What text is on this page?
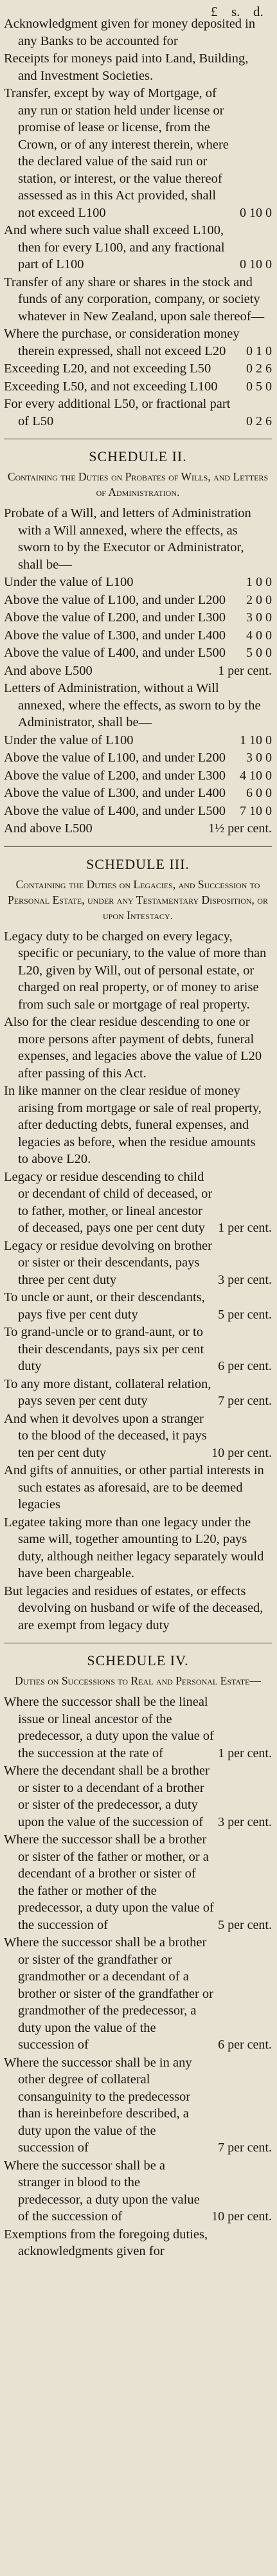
£ s. d.
Acknowledgment given for money deposited in any Banks to be accounted for
Receipts for moneys paid into Land, Building, and Investment Societies.
Transfer, except by way of Mortgage, of any run or station held under license or promise of lease or license, from the Crown, or of any interest therein, where the declared value of the said run or station, or interest, or the value thereof assessed as in this Act provided, shall not exceed L100	0 10 0
And where such value shall exceed L100, then for every L100, and any fractional part of L100	0 10 0
Transfer of any share or shares in the stock and funds of any corporation, company, or society whatever in New Zealand, upon sale thereof—
Where the purchase, or consideration money therein expressed, shall not exceed L20	0 1 0
Exceeding L20, and not exceeding L50	0 2 6
Exceeding L50, and not exceeding L100	0 5 0
For every additional L50, or fractional part of L50	0 2 6
SCHEDULE II.
Containing the Duties on Probates of Wills, and Letters of Administration.
Probate of a Will, and letters of Administration with a Will annexed, where the effects, as sworn to by the Executor or Administrator, shall be—
Under the value of L100	1 0 0
Above the value of L100, and under L200	2 0 0
Above the value of L200, and under L300	3 0 0
Above the value of L300, and under L400	4 0 0
Above the value of L400, and under L500	5 0 0
And above L500	1 per cent.
Letters of Administration, without a Will annexed, where the effects, as sworn to by the Administrator, shall be—
Under the value of L100	1 10 0
Above the value of L100, and under L200	3 0 0
Above the value of L200, and under L300	4 10 0
Above the value of L300, and under L400	6 0 0
Above the value of L400, and under L500	7 10 0
And above L500	1½ per cent.
SCHEDULE III.
Containing the Duties on Legacies, and Succession to Personal Estate, under any Testamentary Disposition, or upon Intestacy.
Legacy duty to be charged on every legacy, specific or pecuniary, to the value of more than L20, given by Will, out of personal estate, or charged on real property, or of money to arise from such sale or mortgage of real property.
Also for the clear residue descending to one or more persons after payment of debts, funeral expenses, and legacies above the value of L20 after passing of this Act.
In like manner on the clear residue of money arising from mortgage or sale of real property, after deducting debts, funeral expenses, and legacies as before, when the residue amounts to above L20.
Legacy or residue descending to child or decendant of child of deceased, or to father, mother, or lineal ancestor of deceased, pays one per cent duty	1 per cent.
Legacy or residue devolving on brother or sister or their descendants, pays three per cent duty	3 per cent.
To uncle or aunt, or their descendants, pays five per cent duty	5 per cent.
To grand-uncle or to grand-aunt, or to their descendants, pays six per cent duty	6 per cent.
To any more distant, collateral relation, pays seven per cent duty	7 per cent.
And when it devolves upon a stranger to the blood of the deceased, it pays ten per cent duty	10 per cent.
And gifts of annuities, or other partial interests in such estates as aforesaid, are to be deemed legacies
Legatee taking more than one legacy under the same will, together amounting to L20, pays duty, although neither legacy separately would have been chargeable.
But legacies and residues of estates, or effects devolving on husband or wife of the deceased, are exempt from legacy duty
SCHEDULE IV.
Duties on Successions to Real and Personal Estate—
Where the successor shall be the lineal issue or lineal ancestor of the predecessor, a duty upon the value of the succession at the rate of	1 per cent.
Where the decendant shall be a brother or sister to a decendant of a brother or sister of the predecessor, a duty upon the value of the succession of	3 per cent.
Where the successor shall be a brother or sister of the father or mother, or a decendant of a brother or sister of the father or mother of the predecessor, a duty upon the value of the succession of	5 per cent.
Where the successor shall be a brother or sister of the grandfather or grandmother or a decendant of a brother or sister of the grandfather or grandmother of the predecessor, a duty upon the value of the succession of	6 per cent.
Where the successor shall be in any other degree of collateral consanguinity to the predecessor than is hereinbefore described, a duty upon the value of the succession of	7 per cent.
Where the successor shall be a stranger in blood to the predecessor, a duty upon the value of the succession of	10 per cent.
Exemptions from the foregoing duties, acknowledgments given for
